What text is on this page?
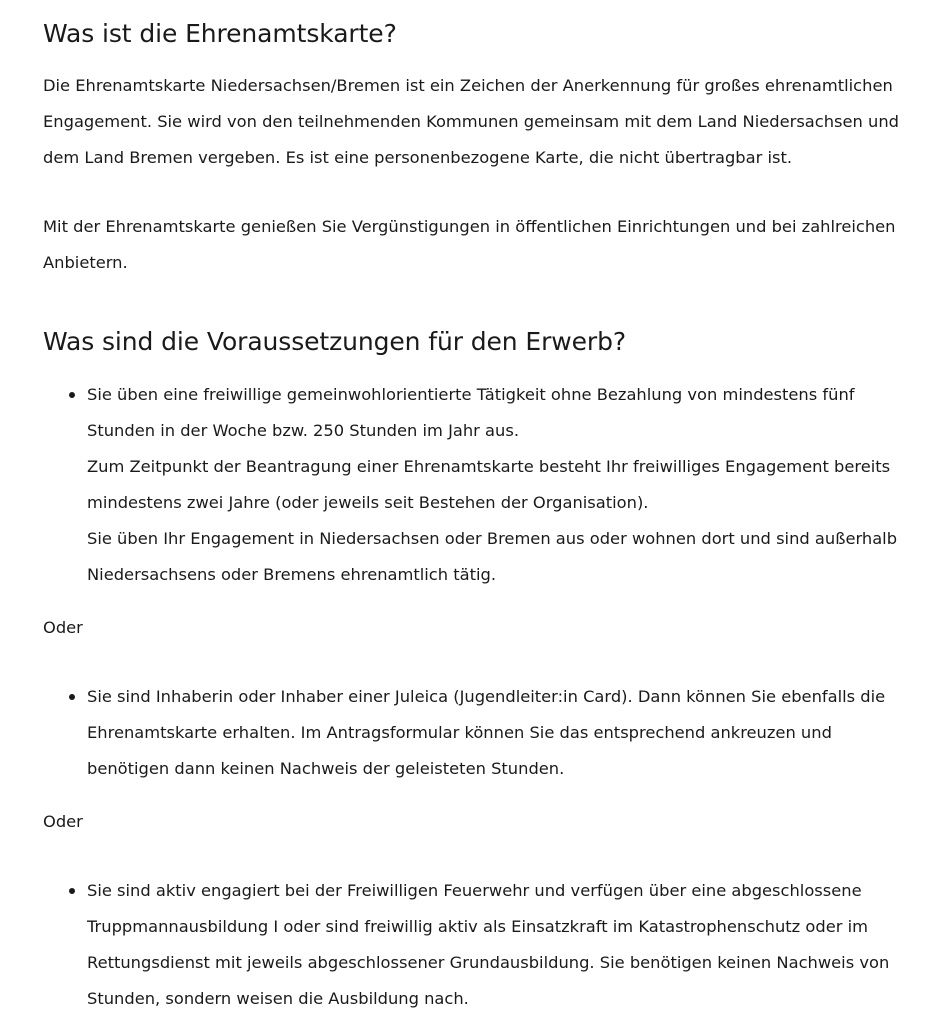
Was ist die Ehrenamtskarte?

Die Ehrenamtskarte Niedersachsen/Bremen ist ein Zeichen der Anerkennung für großes ehrenamtlichen Engagement. Sie wird von den teilnehmenden Kommunen gemeinsam mit dem Land Niedersachsen und dem Land Bremen vergeben. Es ist eine personenbezogene Karte, die nicht übertragbar ist.

Mit der Ehrenamtskarte genießen Sie Vergünstigungen in öffentlichen Einrichtungen und bei zahlreichen Anbietern.

Was sind die Voraussetzungen für den Erwerb?
Sie üben eine freiwillige gemeinwohlorientierte Tätigkeit ohne Bezahlung von mindestens fünf Stunden in der Woche bzw. 250 Stunden im Jahr aus.
Zum Zeitpunkt der Beantragung einer Ehrenamtskarte besteht Ihr freiwilliges Engagement bereits mindestens zwei Jahre (oder jeweils seit Bestehen der Organisation).
Sie üben Ihr Engagement in Niedersachsen oder Bremen aus oder wohnen dort und sind außerhalb Niedersachsens oder Bremens ehrenamtlich tätig.
Oder
Sie sind Inhaberin oder Inhaber einer Juleica (Jugendleiter:in Card). Dann können Sie ebenfalls die Ehrenamtskarte erhalten. Im Antragsformular können Sie das entsprechend ankreuzen und benötigen dann keinen Nachweis der geleisteten Stunden.
Oder
Sie sind aktiv engagiert bei der Freiwilligen Feuerwehr und verfügen über eine abgeschlossene Truppmannausbildung I oder sind freiwillig aktiv als Einsatzkraft im Katastrophenschutz oder im Rettungsdienst mit jeweils abgeschlossener Grundausbildung. Sie benötigen keinen Nachweis von Stunden, sondern weisen die Ausbildung nach.
